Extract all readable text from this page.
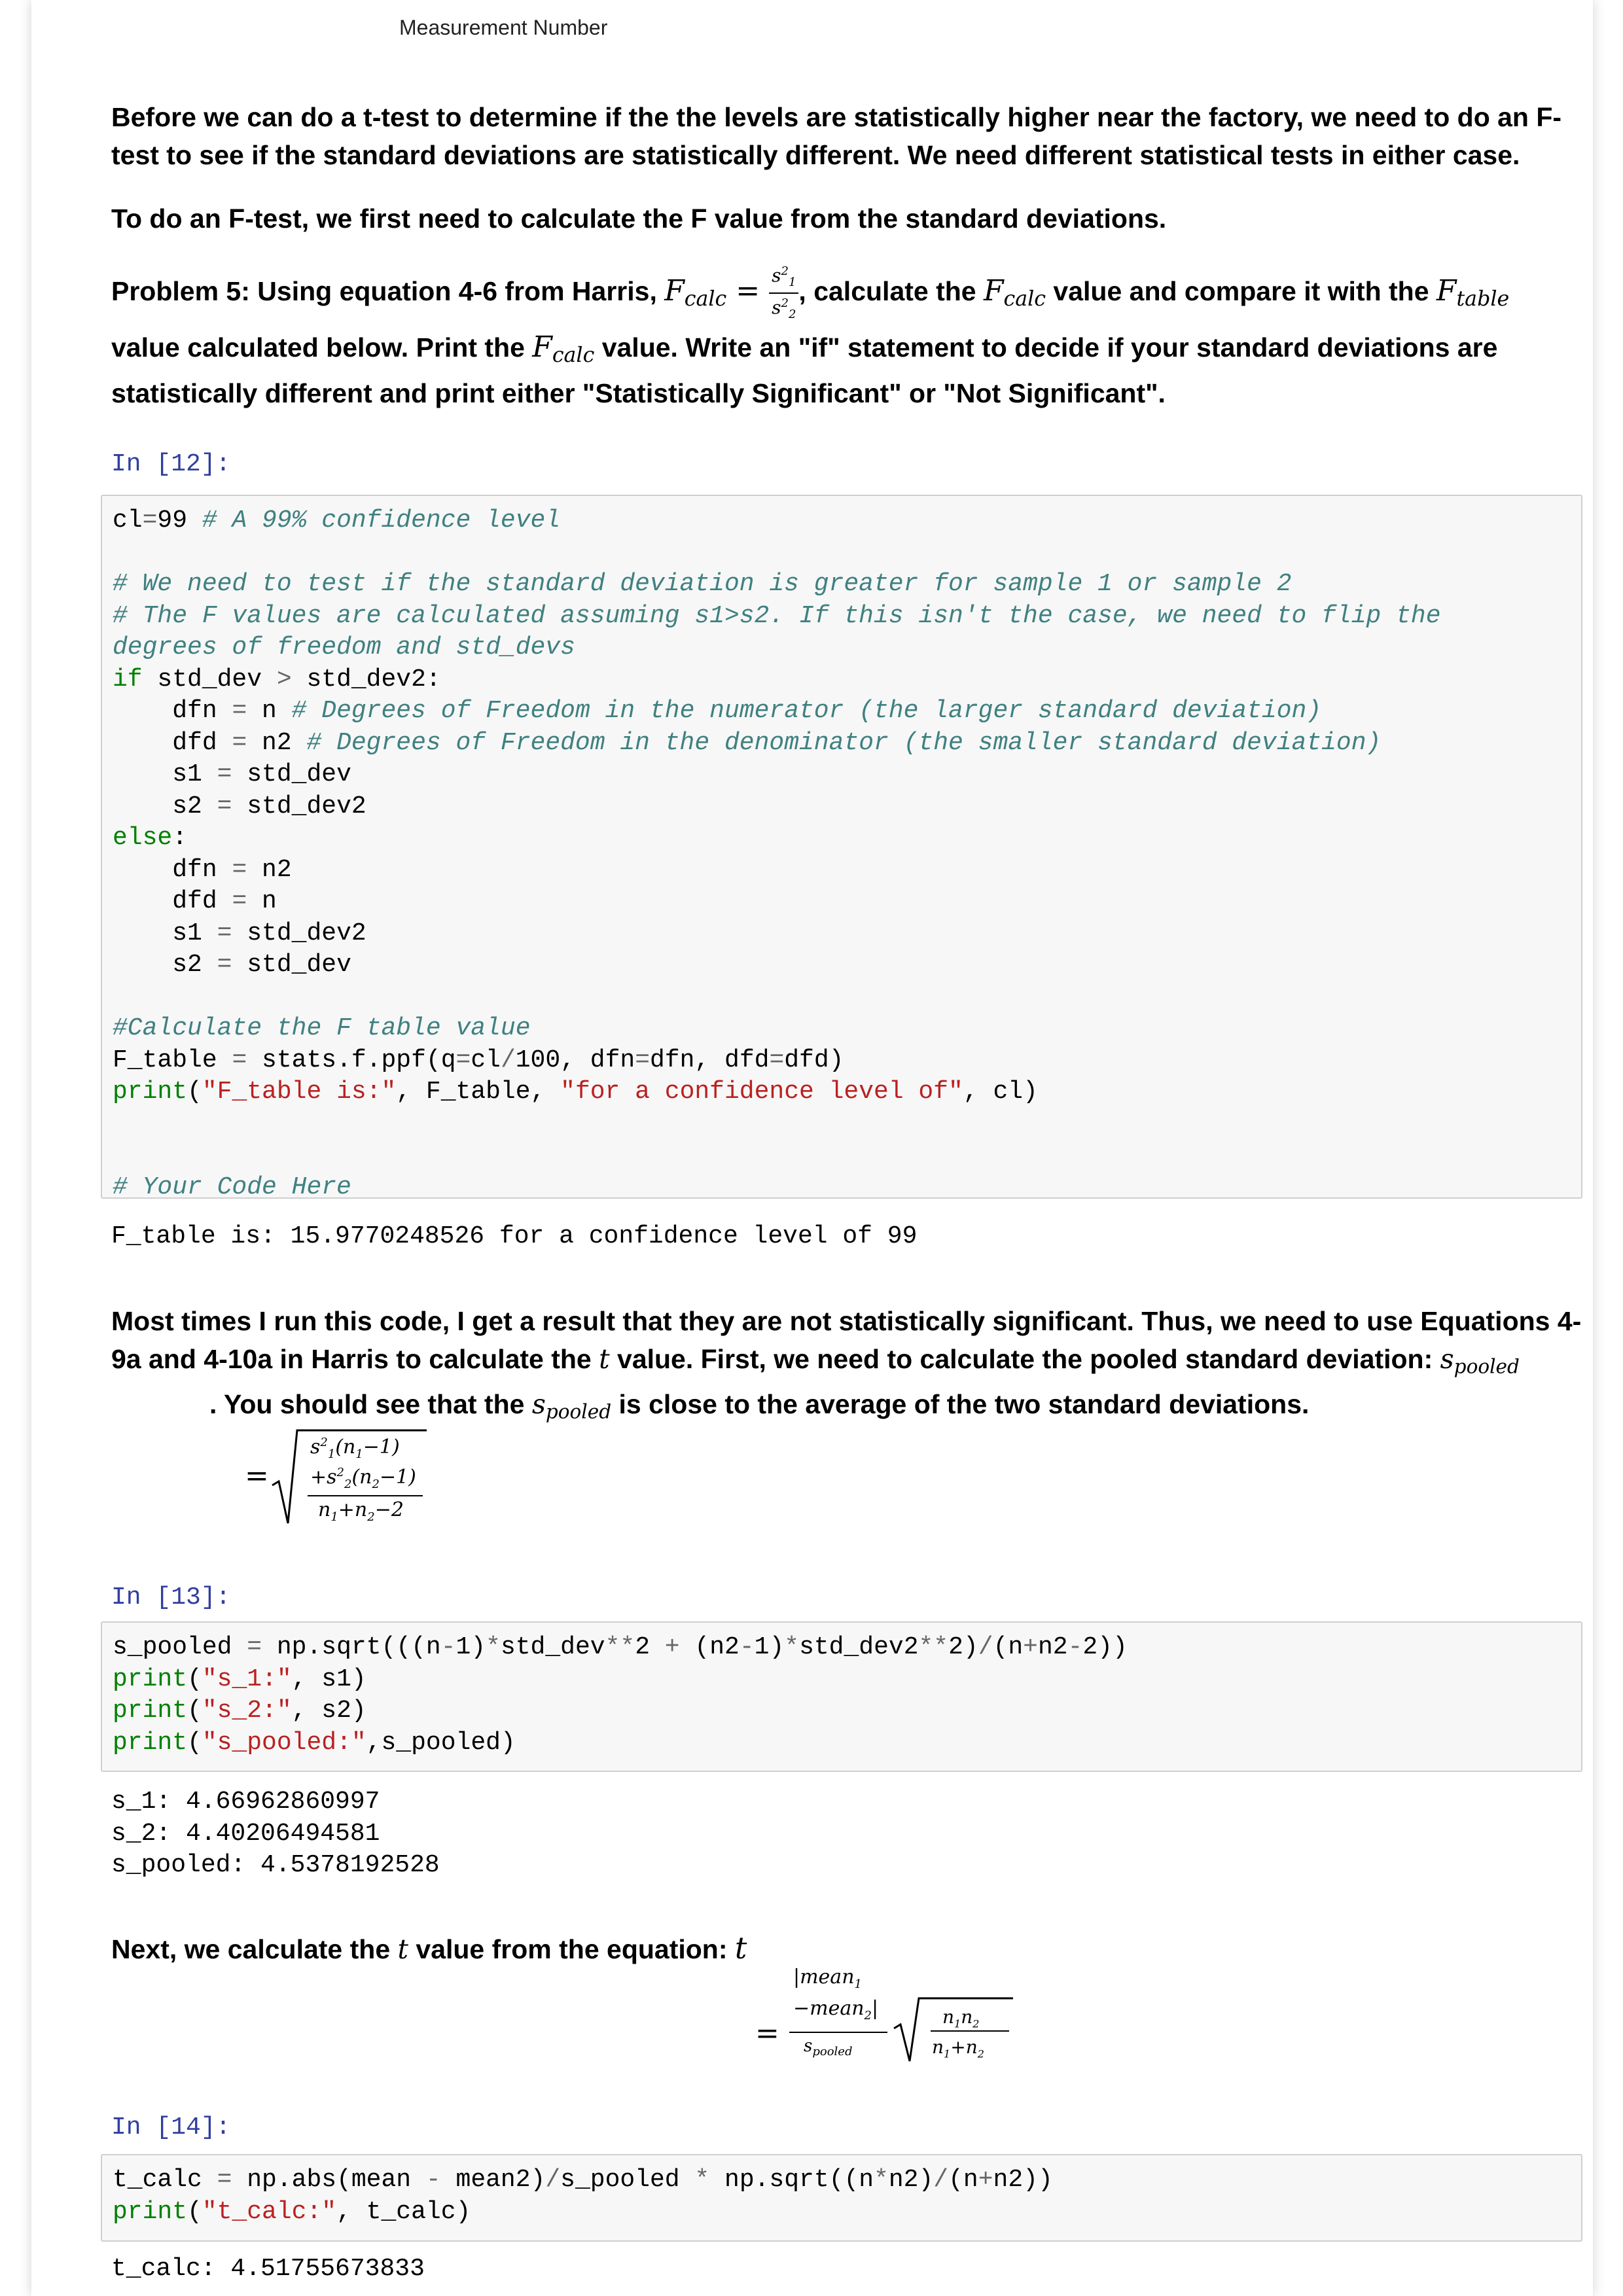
Measurement Number
Before we can do a t-test to determine if the the levels are statistically higher near the factory, we need to do an F-test to see if the standard deviations are statistically different. We need different statistical tests in either case.
To do an F-test, we first need to calculate the F value from the standard deviations.
Problem 5: Using equation 4-6 from Harris, $F_{calc} = \frac{s^2_1}{s^2_2}$ , calculate the $F_{calc}$ value and compare it with the $F_{table}$
value calculated below. Print the $F_{calc}$ value. Write an "if" statement to decide if your standard deviations are statistically different and print either "Statistically Significant" or "Not Significant".
In [12]:
cl=99 # A 99% confidence level

# We need to test if the standard deviation is greater for sample 1 or sample 2
# The F values are calculated assuming s1>s2. If this isn't the case, we need to flip the
degrees of freedom and std_devs
if std_dev > std_dev2:
dfn = n # Degrees of Freedom in the numerator (the larger standard deviation)
dfd = n2 # Degrees of Freedom in the denominator (the smaller standard deviation)
s1 = std_dev
s2 = std_dev2
else:
dfn = n2
dfd = n
s1 = std_dev2
s2 = std_dev

#Calculate the F table value
F_table = stats.f.ppf(q=cl/100, dfn=dfn, dfd=dfd)
print("F_table is:", F_table, "for a confidence level of", cl)

# Your Code Here
F_table is: 15.9770248526 for a confidence level of 99
Most times I run this code, I get a result that they are not statistically significant. Thus, we need to use Equations 4-9a and 4-10a in Harris to calculate the t value. First, we need to calculate the pooled standard deviation: $s_{pooled}$. You should see that the $s_{pooled}$ is close to the average of the two standard deviations.
=
$s^2_1(n_1-1)$
$+s^2_2(n_2-1)$
$n_1+n_2-2$
In [13]:
s_pooled = np.sqrt(((n-1)*std_dev**2 + (n2-1)*std_dev2**2)/(n+n2-2))
print("s_1:", s1)
print("s_2:", s2)
print("s_pooled:",s_pooled)
s_1: 4.66962860997
s_2: 4.40206494581
s_pooled: 4.5378192528
Next, we calculate the t value from the equation: t
=
|mean$_1$
−mean$_2$|
$s_{pooled}$
$n_1n_2$
$n_1+n_2$
In [14]:
t_calc = np.abs(mean - mean2)/s_pooled * np.sqrt((n*n2)/(n+n2))
print("t_calc:", t_calc)
t_calc: 4.51755673833
